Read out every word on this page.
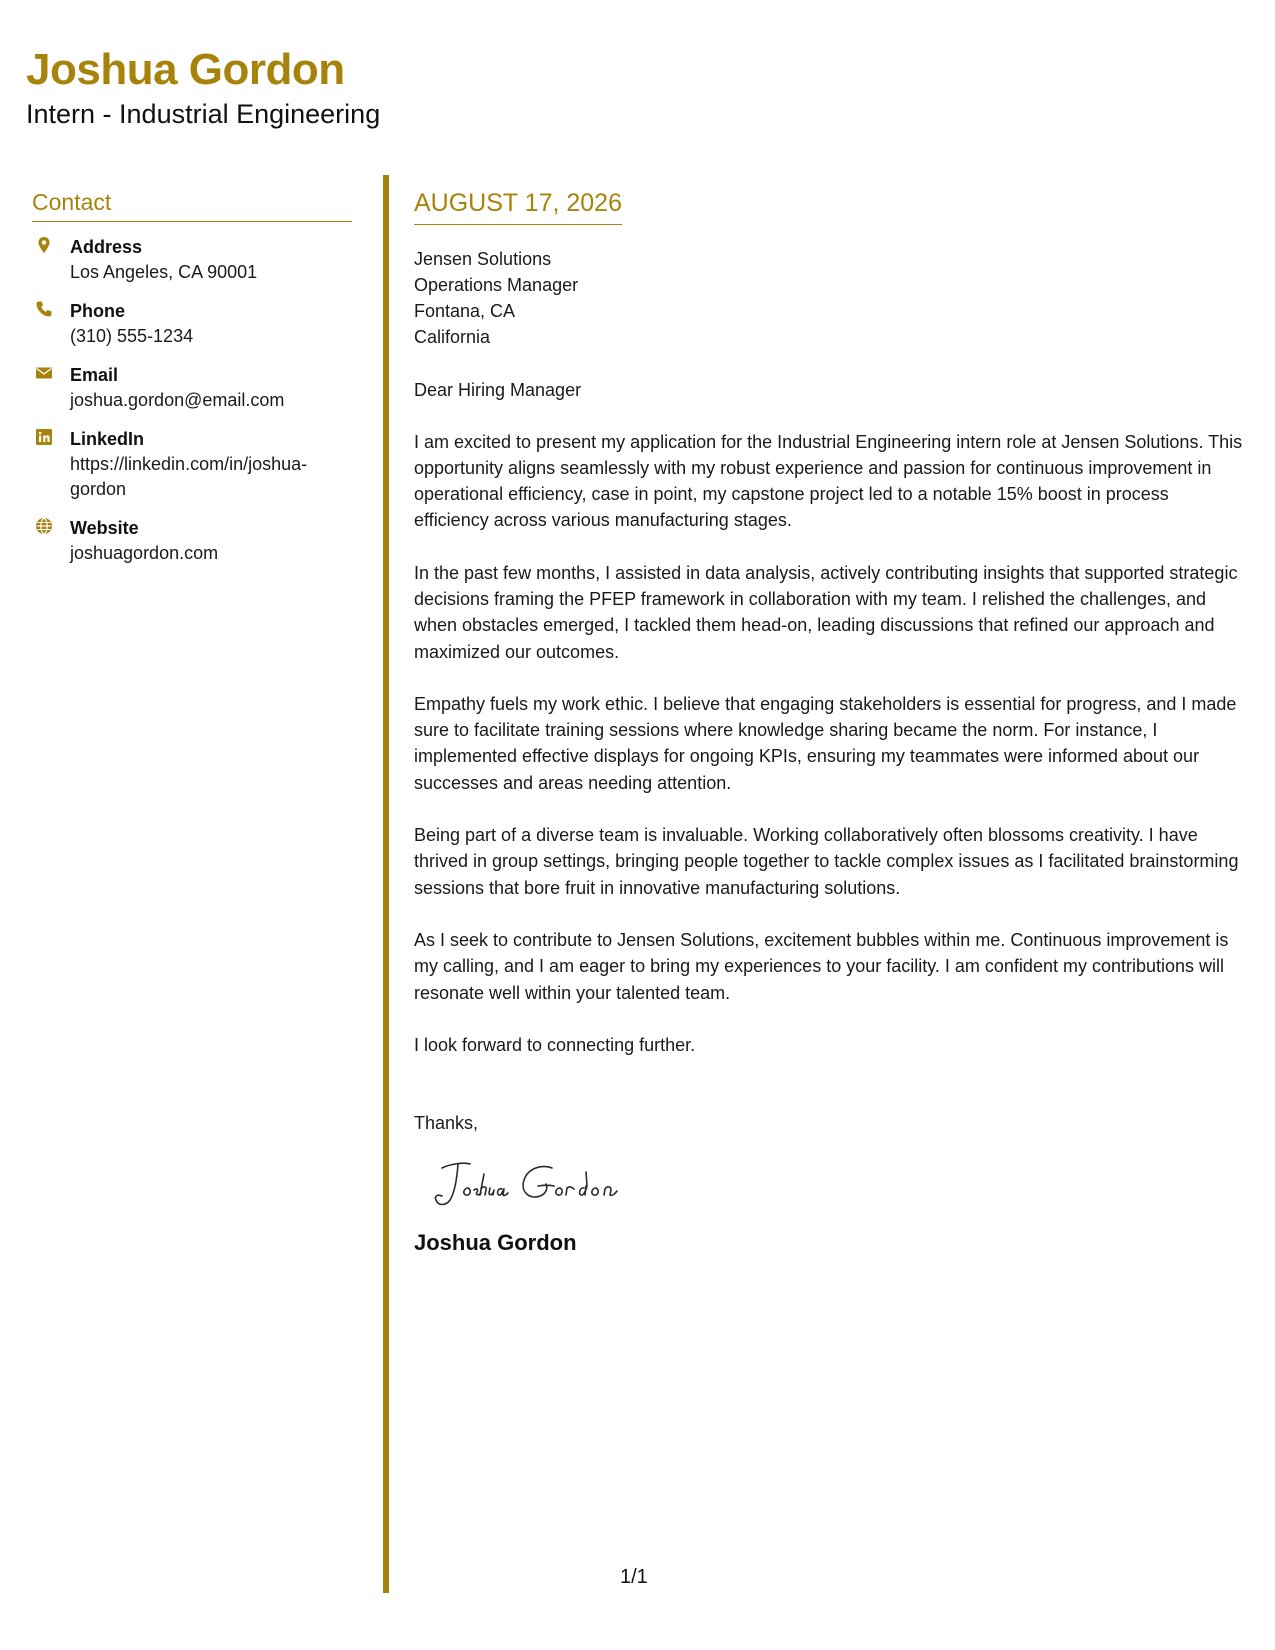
Joshua Gordon
Intern - Industrial Engineering
Contact
Address
Los Angeles, CA 90001
Phone
(310) 555-1234
Email
joshua.gordon@email.com
LinkedIn
https://linkedin.com/in/joshua-gordon
Website
joshuagordon.com
AUGUST 17, 2026
Jensen Solutions
Operations Manager
Fontana, CA
California
Dear Hiring Manager
I am excited to present my application for the Industrial Engineering intern role at Jensen Solutions. This opportunity aligns seamlessly with my robust experience and passion for continuous improvement in operational efficiency, case in point, my capstone project led to a notable 15% boost in process efficiency across various manufacturing stages.
In the past few months, I assisted in data analysis, actively contributing insights that supported strategic decisions framing the PFEP framework in collaboration with my team. I relished the challenges, and when obstacles emerged, I tackled them head-on, leading discussions that refined our approach and maximized our outcomes.
Empathy fuels my work ethic. I believe that engaging stakeholders is essential for progress, and I made sure to facilitate training sessions where knowledge sharing became the norm. For instance, I implemented effective displays for ongoing KPIs, ensuring my teammates were informed about our successes and areas needing attention.
Being part of a diverse team is invaluable. Working collaboratively often blossoms creativity. I have thrived in group settings, bringing people together to tackle complex issues as I facilitated brainstorming sessions that bore fruit in innovative manufacturing solutions.
As I seek to contribute to Jensen Solutions, excitement bubbles within me. Continuous improvement is my calling, and I am eager to bring my experiences to your facility. I am confident my contributions will resonate well within your talented team.
I look forward to connecting further.
Thanks,
Joshua Gordon
1/1
